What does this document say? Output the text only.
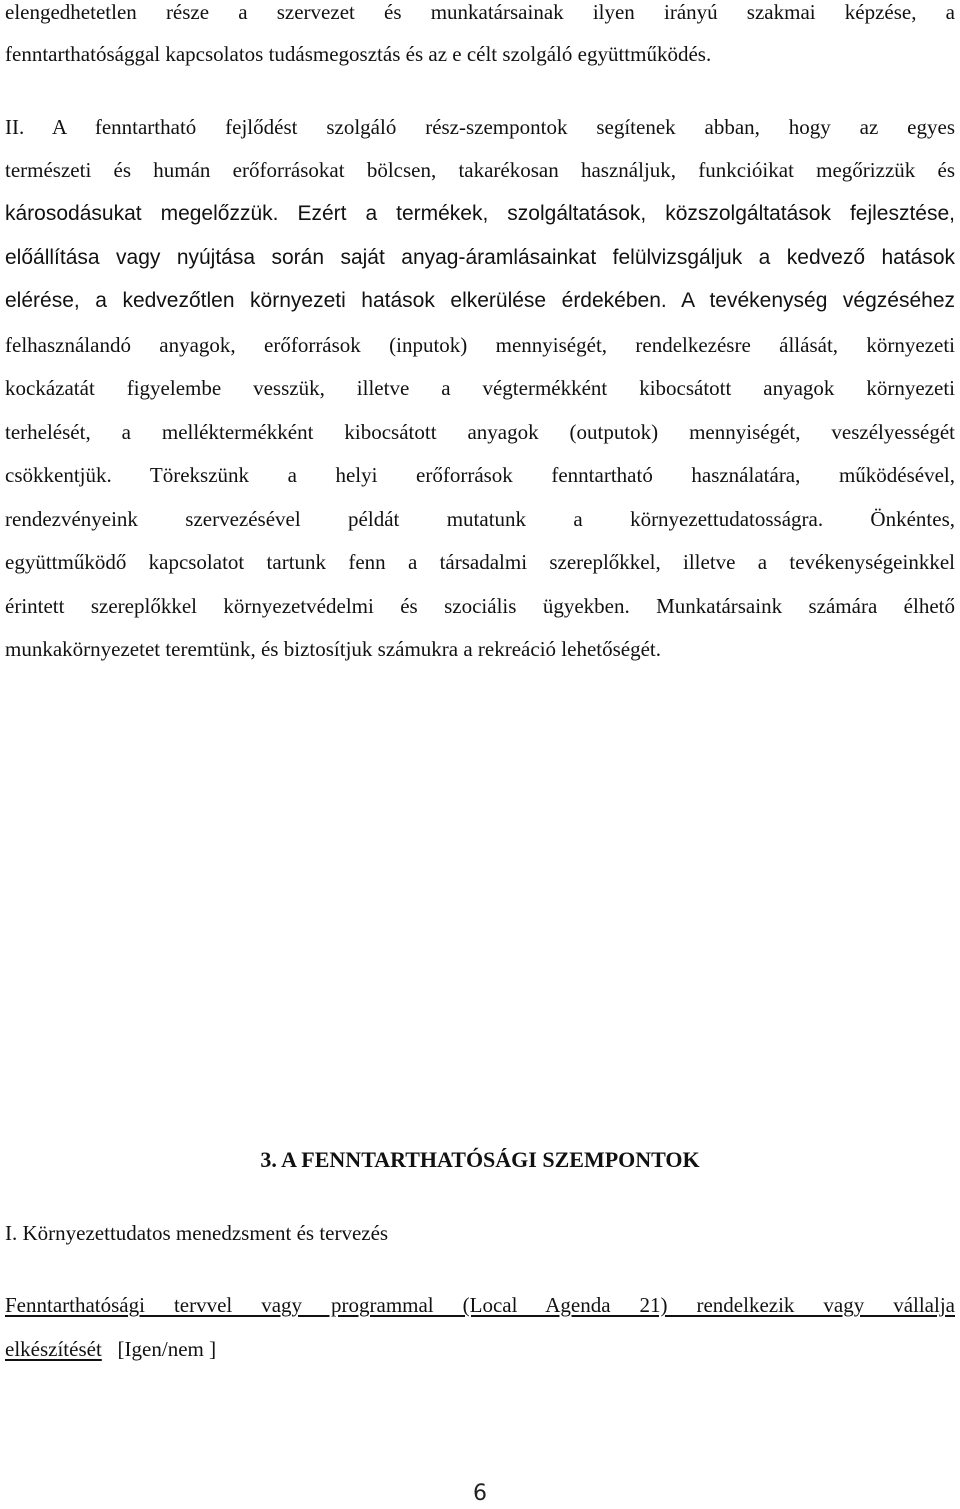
elengedhetetlen része a szervezet és munkatársainak ilyen irányú szakmai képzése, a
fenntarthatósággal kapcsolatos tudásmegosztás és az e célt szolgáló együttműködés.
II. A fenntartható fejlődést szolgáló rész-szempontok segítenek abban, hogy az egyes
természeti és humán erőforrásokat bölcsen, takarékosan használjuk, funkcióikat megőrizzük és
károsodásukat megelőzzük. Ezért a termékek, szolgáltatások, közszolgáltatások fejlesztése,
előállítása vagy nyújtása során saját anyag-áramlásainkat felülvizsgáljuk a kedvező hatások
elérése, a kedvezőtlen környezeti hatások elkerülése érdekében. A tevékenység végzéséhez
felhasználandó anyagok, erőforrások (inputok) mennyiségét, rendelkezésre állását, környezeti
kockázatát figyelembe vesszük, illetve a végtermékként kibocsátott anyagok környezeti
terhelését, a melléktermékként kibocsátott anyagok (outputok) mennyiségét, veszélyességét
csökkentjük. Törekszünk a helyi erőforrások fenntartható használatára, működésével,
rendezvényeink szervezésével példát mutatunk a környezettudatosságra. Önkéntes,
együttműködő kapcsolatot tartunk fenn a társadalmi szereplőkkel, illetve a tevékenységeinkkel
érintett szereplőkkel környezetvédelmi és szociális ügyekben. Munkatársaink számára élhető
munkakörnyezetet teremtünk, és biztosítjuk számukra a rekreáció lehetőségét.
3. A FENNTARTHATÓSÁGI SZEMPONTOK
I. Környezettudatos menedzsment és tervezés
Fenntarthatósági tervvel vagy programmal (Local Agenda 21) rendelkezik vagy vállalja
elkészítését [Igen/nem ]
6
